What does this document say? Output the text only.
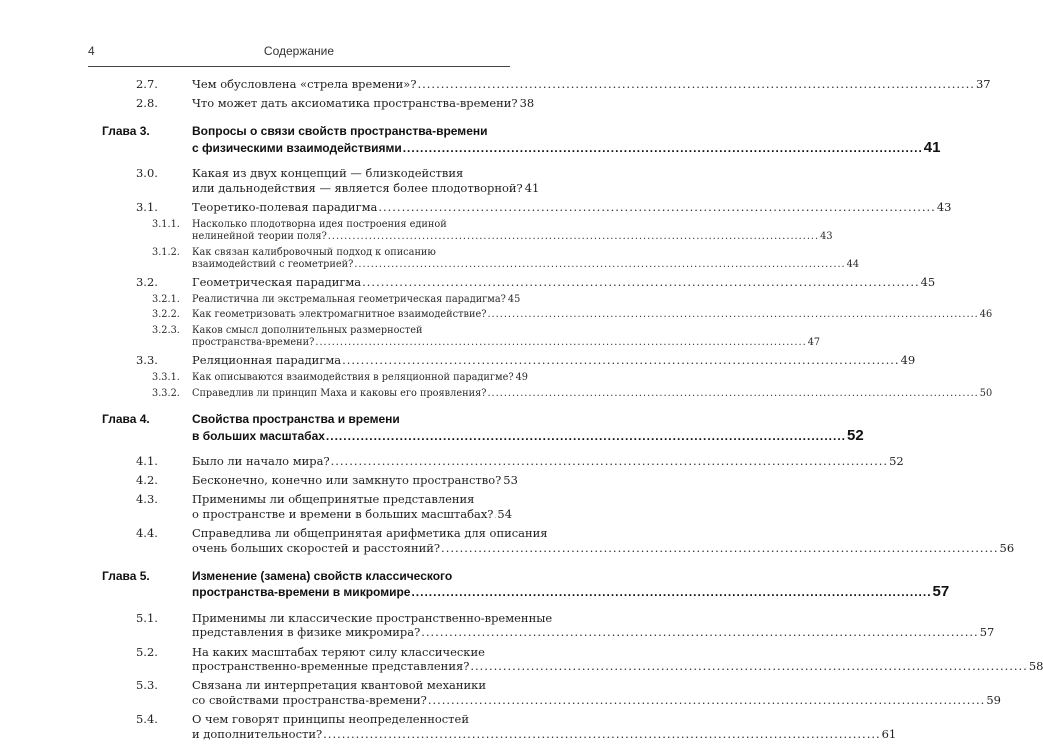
4	Содержание
2.7.	Чем обусловлена «стрела времени»? ........................................................................................................................ 37
2.8.	Что может дать аксиоматика пространства-времени? 38
Глава 3.	Вопросы о связи свойств пространства-времени
с физическими взаимодействиями ........................................................................................................................ 41
3.0.	Какая из двух концепций — близкодействия
или дальнодействия — является более плодотворной? 41
3.1.	Теоретико-полевая парадигма ........................................................................................................................ 43
3.1.1. Насколько плодотворна идея построения единой
нелинейной теории поля? ........................................................................................................................ 43
3.1.2. Как связан калибровочный подход к описанию
взаимодействий с геометрией? ........................................................................................................................ 44
3.2.	Геометрическая парадигма ........................................................................................................................ 45
3.2.1. Реалистична ли экстремальная геометрическая парадигма? 45
3.2.2. Как геометризовать электромагнитное взаимодействие? ........................................................................................................................ 46
3.2.3. Каков смысл дополнительных размерностей
пространства-времени? ........................................................................................................................ 47
3.3.	Реляционная парадигма ........................................................................................................................ 49
3.3.1. Как описываются взаимодействия в реляционной парадигме? 49
3.3.2. Справедлив ли принцип Маха и каковы его проявления? ........................................................................................................................ 50
Глава 4.	Свойства пространства и времени
в больших масштабах ........................................................................................................................ 52
4.1.	Было ли начало мира? ........................................................................................................................ 52
4.2.	Бесконечно, конечно или замкнуто пространство? 53
4.3.	Применимы ли общепринятые представления
о пространстве и времени в больших масштабах? 54
4.4.	Справедлива ли общепринятая арифметика для описания
очень больших скоростей и расстояний? ........................................................................................................................ 56
Глава 5.	Изменение (замена) свойств классического
пространства-времени в микромире ........................................................................................................................ 57
5.1.	Применимы ли классические пространственно-временные
представления в физике микромира? ........................................................................................................................ 57
5.2.	На каких масштабах теряют силу классические
пространственно-временные представления? ........................................................................................................................ 58
5.3.	Связана ли интерпретация квантовой механики
со свойствами пространства-времени? ........................................................................................................................ 59
5.4.	О чем говорят принципы неопределенностей
и дополнительности? ........................................................................................................................ 61
